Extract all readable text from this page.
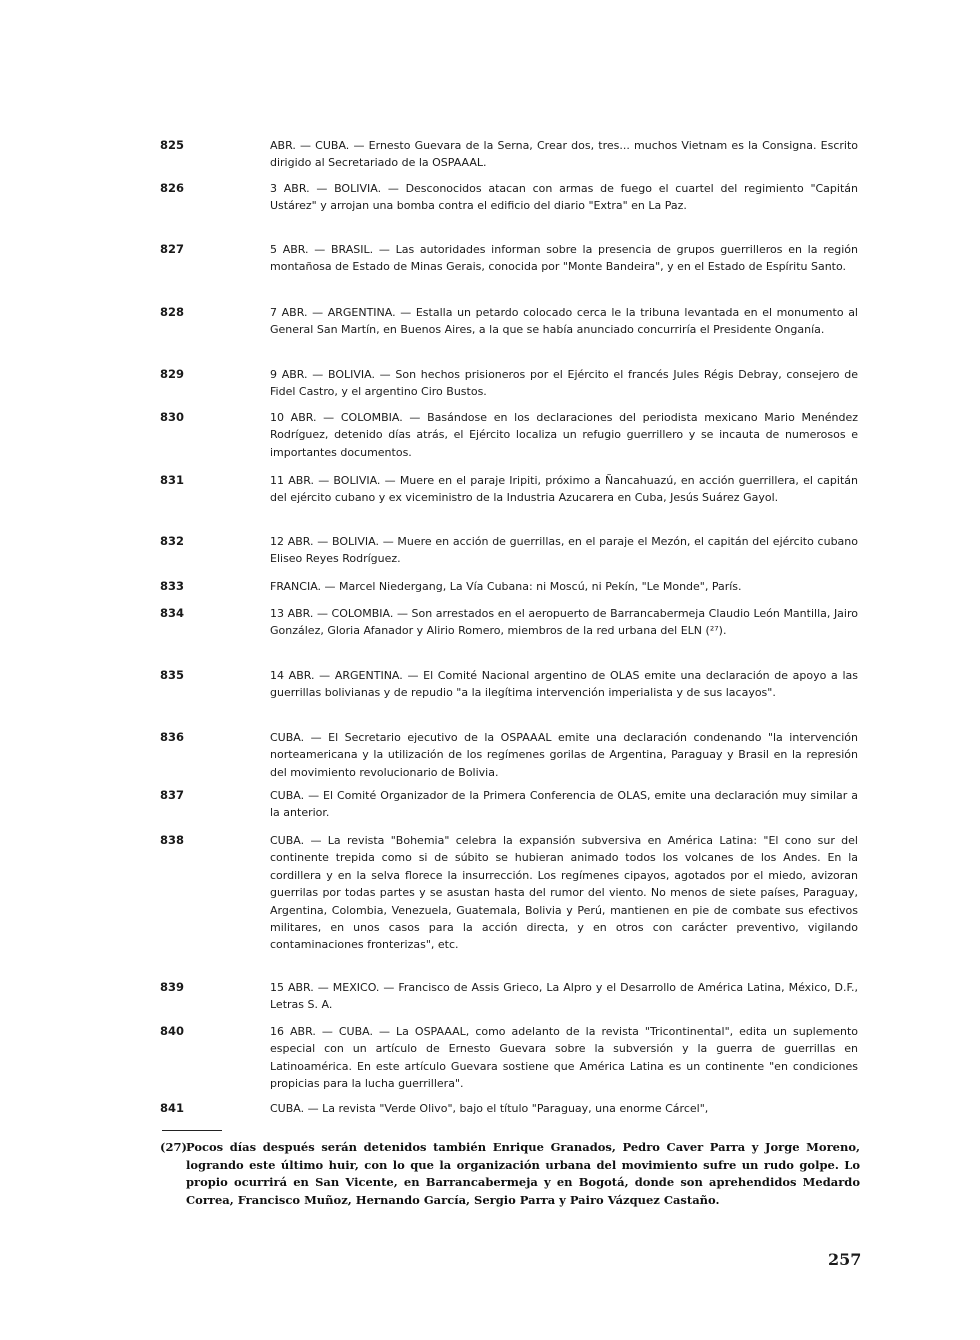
825	ABR. — CUBA. — Ernesto Guevara de la Serna, Crear dos, tres... muchos Vietnam es la Consigna. Escrito dirigido al Secretariado de la OSPAAAL.
826	3 ABR. — BOLIVIA. — Desconocidos atacan con armas de fuego el cuartel del regimiento "Capitán Ustárez" y arrojan una bomba contra el edificio del diario "Extra" en La Paz.
827	5 ABR. — BRASIL. — Las autoridades informan sobre la presencia de grupos guerrilleros en la región montañosa de Estado de Minas Gerais, conocida por "Monte Bandeira", y en el Estado de Espíritu Santo.
828	7 ABR. — ARGENTINA. — Estalla un petardo colocado cerca le la tribuna levantada en el monumento al General San Martín, en Buenos Aires, a la que se había anunciado concurriría el Presidente Onganía.
829	9 ABR. — BOLIVIA. — Son hechos prisioneros por el Ejército el francés Jules Régis Debray, consejero de Fidel Castro, y el argentino Ciro Bustos.
830	10 ABR. — COLOMBIA. — Basándose en los declaraciones del periodista mexicano Mario Menéndez Rodríguez, detenido días atrás, el Ejército localiza un refugio guerrillero y se incauta de numerosos e importantes documentos.
831	11 ABR. — BOLIVIA. — Muere en el paraje Iripiti, próximo a Ñancahuazú, en acción guerrillera, el capitán del ejército cubano y ex viceministro de la Industria Azucarera en Cuba, Jesús Suárez Gayol.
832	12 ABR. — BOLIVIA. — Muere en acción de guerrillas, en el paraje el Mezón, el capitán del ejército cubano Eliseo Reyes Rodríguez.
833	FRANCIA. — Marcel Niedergang, La Vía Cubana: ni Moscú, ni Pekín, "Le Monde", París.
834	13 ABR. — COLOMBIA. — Son arrestados en el aeropuerto de Barrancabermeja Claudio León Mantilla, Jairo González, Gloria Afanador y Alirio Romero, miembros de la red urbana del ELN (²⁷).
835	14 ABR. — ARGENTINA. — El Comité Nacional argentino de OLAS emite una declaración de apoyo a las guerrillas bolivianas y de repudio "a la ilegítima intervención imperialista y de sus lacayos".
836	CUBA. — El Secretario ejecutivo de la OSPAAAL emite una declaración condenando "la intervención norteamericana y la utilización de los regímenes gorilas de Argentina, Paraguay y Brasil en la represión del movimiento revolucionario de Bolivia.
837	CUBA. — El Comité Organizador de la Primera Conferencia de OLAS, emite una declaración muy similar a la anterior.
838	CUBA. — La revista "Bohemia" celebra la expansión subversiva en América Latina: "El cono sur del continente trepida como si de súbito se hubieran animado todos los volcanes de los Andes. En la cordillera y en la selva florece la insurrección. Los regímenes cipayos, agotados por el miedo, avizoran guerrilas por todas partes y se asustan hasta del rumor del viento. No menos de siete países, Paraguay, Argentina, Colombia, Venezuela, Guatemala, Bolivia y Perú, mantienen en pie de combate sus efectivos militares, en unos casos para la acción directa, y en otros con carácter preventivo, vigilando contaminaciones fronterizas", etc.
839	15 ABR. — MEXICO. — Francisco de Assis Grieco, La Alpro y el Desarrollo de América Latina, México, D.F., Letras S. A.
840	16 ABR. — CUBA. — La OSPAAAL, como adelanto de la revista "Tricontinental", edita un suplemento especial con un artículo de Ernesto Guevara sobre la subversión y la guerra de guerrillas en Latinoamérica. En este artículo Guevara sostiene que América Latina es un continente "en condiciones propicias para la lucha guerrillera".
841	CUBA. — La revista "Verde Olivo", bajo el título "Paraguay, una enorme Cárcel",
(27) Pocos días después serán detenidos también Enrique Granados, Pedro Caver Parra y Jorge Moreno, logrando este último huir, con lo que la organización urbana del movimiento sufre un rudo golpe. Lo propio ocurrirá en San Vicente, en Barrancabermeja y en Bogotá, donde son aprehendidos Medardo Correa, Francisco Muñoz, Hernando García, Sergio Parra y Pairo Vázquez Castaño.
257
